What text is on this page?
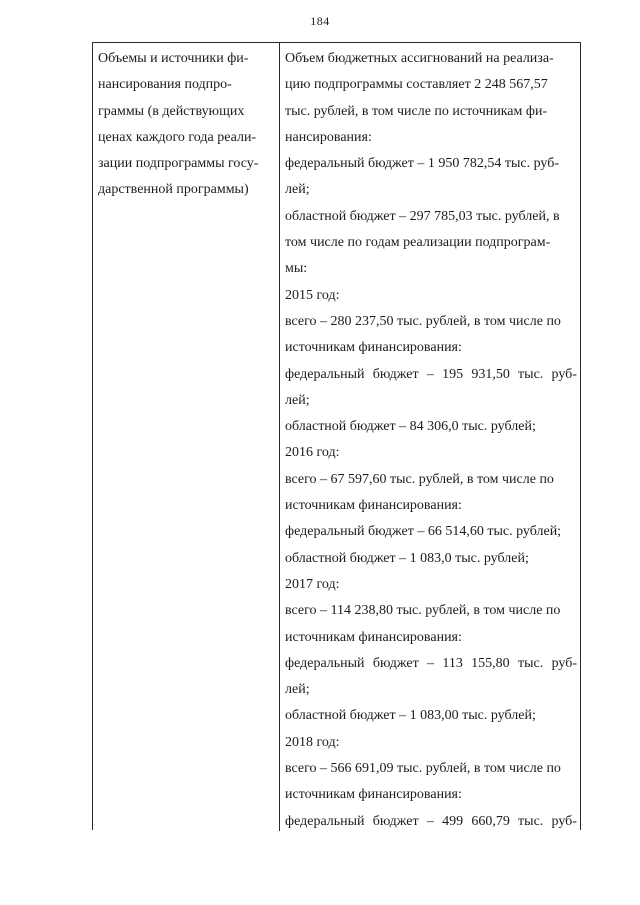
184
Объемы и источники фи-
нансирования подпро-
граммы (в действующих
ценах каждого года реали-
зации подпрограммы госу-
дарственной программы)
Объем бюджетных ассигнований на реализа-
цию подпрограммы составляет 2 248 567,57
тыс. рублей, в том числе по источникам фи-
нансирования:
федеральный бюджет – 1 950 782,54 тыс. руб-
лей;
областной бюджет – 297 785,03 тыс. рублей, в
том числе по годам реализации подпрограм-
мы:
2015 год:
всего – 280 237,50 тыс. рублей, в том числе по
источникам финансирования:
федеральный бюджет – 195 931,50 тыс. руб-
лей;
областной бюджет – 84 306,0 тыс. рублей;
2016 год:
всего – 67 597,60 тыс. рублей, в том числе по
источникам финансирования:
федеральный бюджет – 66 514,60 тыс. рублей;
областной бюджет – 1 083,0 тыс. рублей;
2017 год:
всего – 114 238,80 тыс. рублей, в том числе по
источникам финансирования:
федеральный бюджет – 113 155,80 тыс. руб-
лей;
областной бюджет – 1 083,00 тыс. рублей;
2018 год:
всего – 566 691,09 тыс. рублей, в том числе по
источникам финансирования:
федеральный бюджет – 499 660,79 тыс. руб-
